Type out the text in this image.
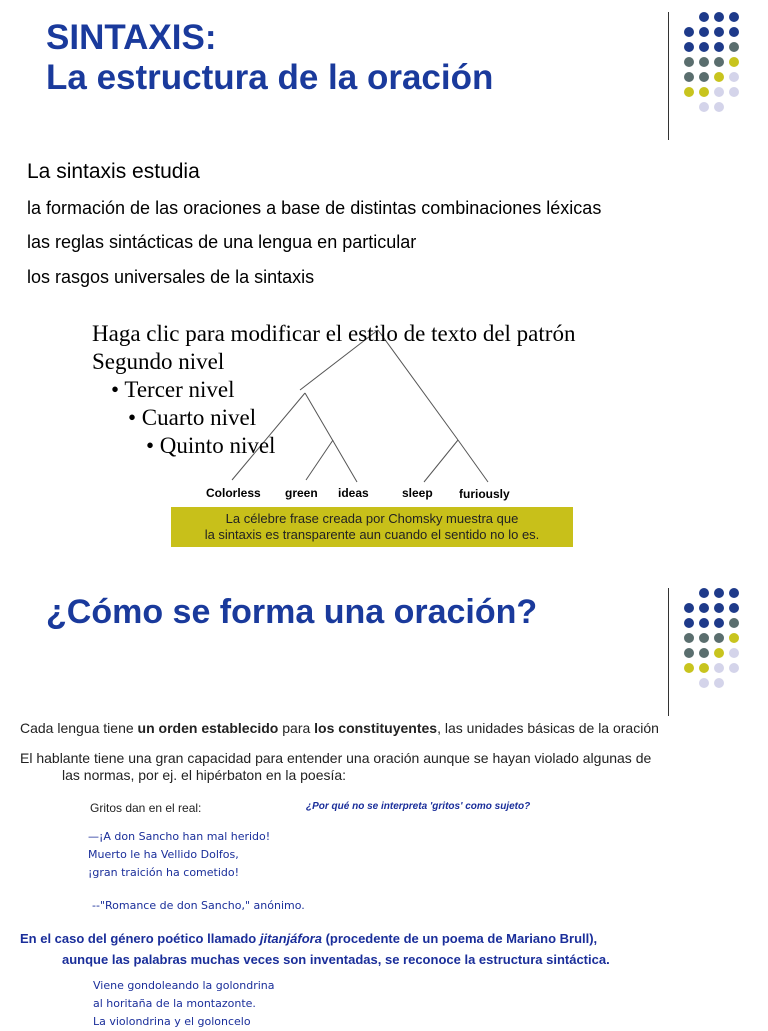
SINTAXIS:
La estructura de la oración
La sintaxis estudia
la formación de las oraciones a base de distintas combinaciones léxicas
las reglas sintácticas de una lengua en particular
los rasgos universales de la sintaxis
Haga clic para modificar el estilo de texto del patrón
Segundo nivel
• Tercer nivel
• Cuarto nivel
• Quinto nivel
Colorless green ideas	sleep furiously
La célebre frase creada por Chomsky muestra que
la sintaxis es transparente aun cuando el sentido no lo es.
¿Cómo se forma una oración?
Cada lengua tiene un orden establecido para los constituyentes, las unidades básicas de la oración
El hablante tiene una gran capacidad para entender una oración aunque se hayan violado algunas de
las normas, por ej. el hipérbaton en la poesía:
Gritos dan en el real:	¿Por qué no se interpreta 'gritos' como sujeto?
—¡A don Sancho han mal herido!
Muerto le ha Vellido Dolfos,
¡gran traición ha cometido!
--"Romance de don Sancho," anónimo.
En el caso del género poético llamado jitanjáfora (procedente de un poema de Mariano Brull),
aunque las palabras muchas veces son inventadas, se reconoce la estructura sintáctica.
Viene gondoleando la golondrina
al horitaña de la montazonte.
La violondrina y el goloncelo
